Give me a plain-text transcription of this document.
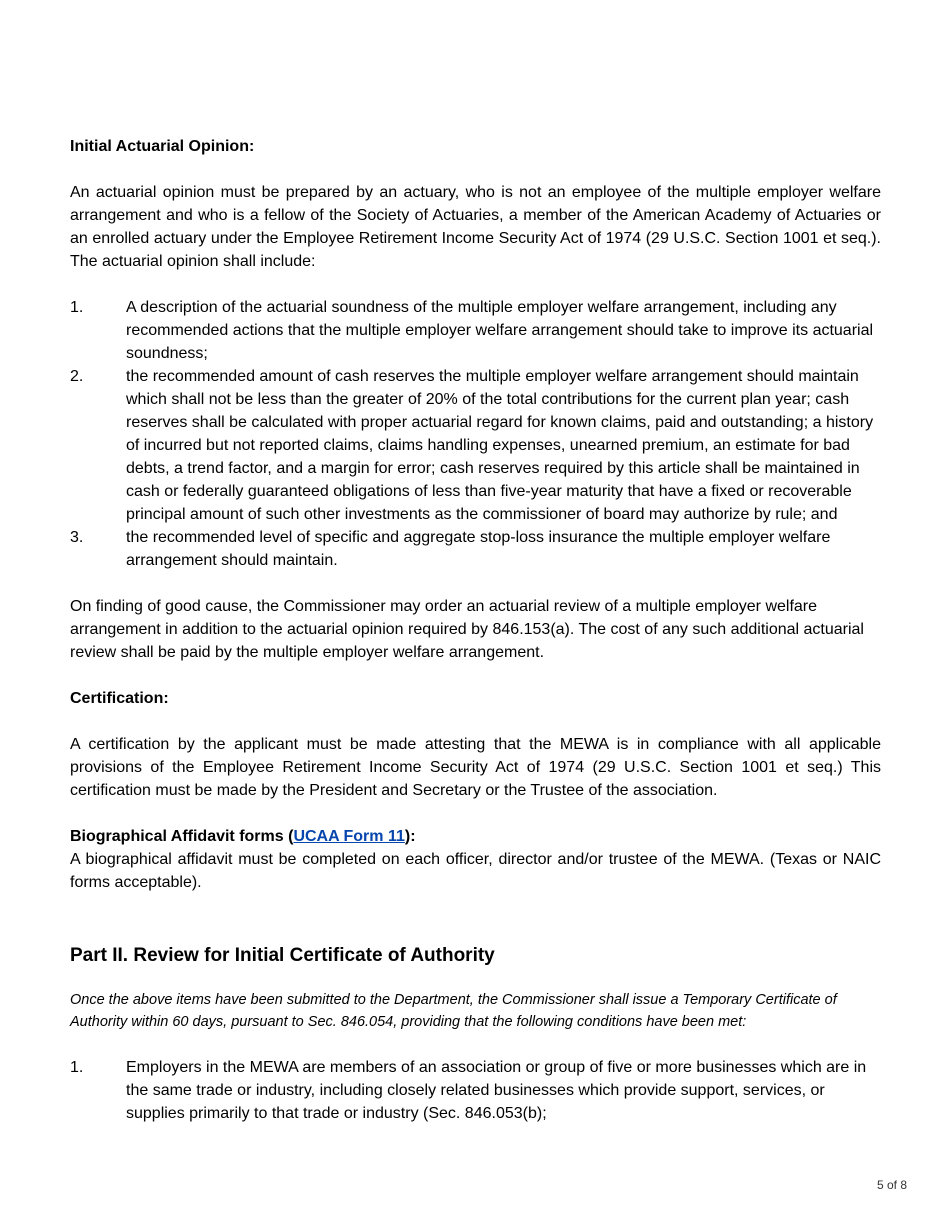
Initial Actuarial Opinion:

An actuarial opinion must be prepared by an actuary, who is not an employee of the multiple employer welfare arrangement and who is a fellow of the Society of Actuaries, a member of the American Academy of Actuaries or an enrolled actuary under the Employee Retirement Income Security Act of 1974 (29 U.S.C. Section 1001 et seq.). The actuarial opinion shall include:

1.	A description of the actuarial soundness of the multiple employer welfare arrangement, including any recommended actions that the multiple employer welfare arrangement should take to improve its actuarial soundness;
2.	the recommended amount of cash reserves the multiple employer welfare arrangement should maintain which shall not be less than the greater of 20% of the total contributions for the current plan year; cash reserves shall be calculated with proper actuarial regard for known claims, paid and outstanding; a history of incurred but not reported claims, claims handling expenses, unearned premium, an estimate for bad debts, a trend factor, and a margin for error; cash reserves required by this article shall be maintained in cash or federally guaranteed obligations of less than five-year maturity that have a fixed or recoverable principal amount of such other investments as the commissioner of board may authorize by rule; and
3.	the recommended level of specific and aggregate stop-loss insurance the multiple employer welfare arrangement should maintain.

On finding of good cause, the Commissioner may order an actuarial review of a multiple employer welfare arrangement in addition to the actuarial opinion required by 846.153(a). The cost of any such additional actuarial review shall be paid by the multiple employer welfare arrangement.

Certification:

A certification by the applicant must be made attesting that the MEWA is in compliance with all applicable provisions of the Employee Retirement Income Security Act of 1974 (29 U.S.C. Section 1001 et seq.) This certification must be made by the President and Secretary or the Trustee of the association.

Biographical Affidavit forms (UCAA Form 11):

A biographical affidavit must be completed on each officer, director and/or trustee of the MEWA. (Texas or NAIC forms acceptable).

Part II. Review for Initial Certificate of Authority

Once the above items have been submitted to the Department, the Commissioner shall issue a Temporary Certificate of Authority within 60 days, pursuant to Sec. 846.054, providing that the following conditions have been met:

1.	Employers in the MEWA are members of an association or group of five or more businesses which are in the same trade or industry, including closely related businesses which provide support, services, or supplies primarily to that trade or industry (Sec. 846.053(b);
5 of 8
